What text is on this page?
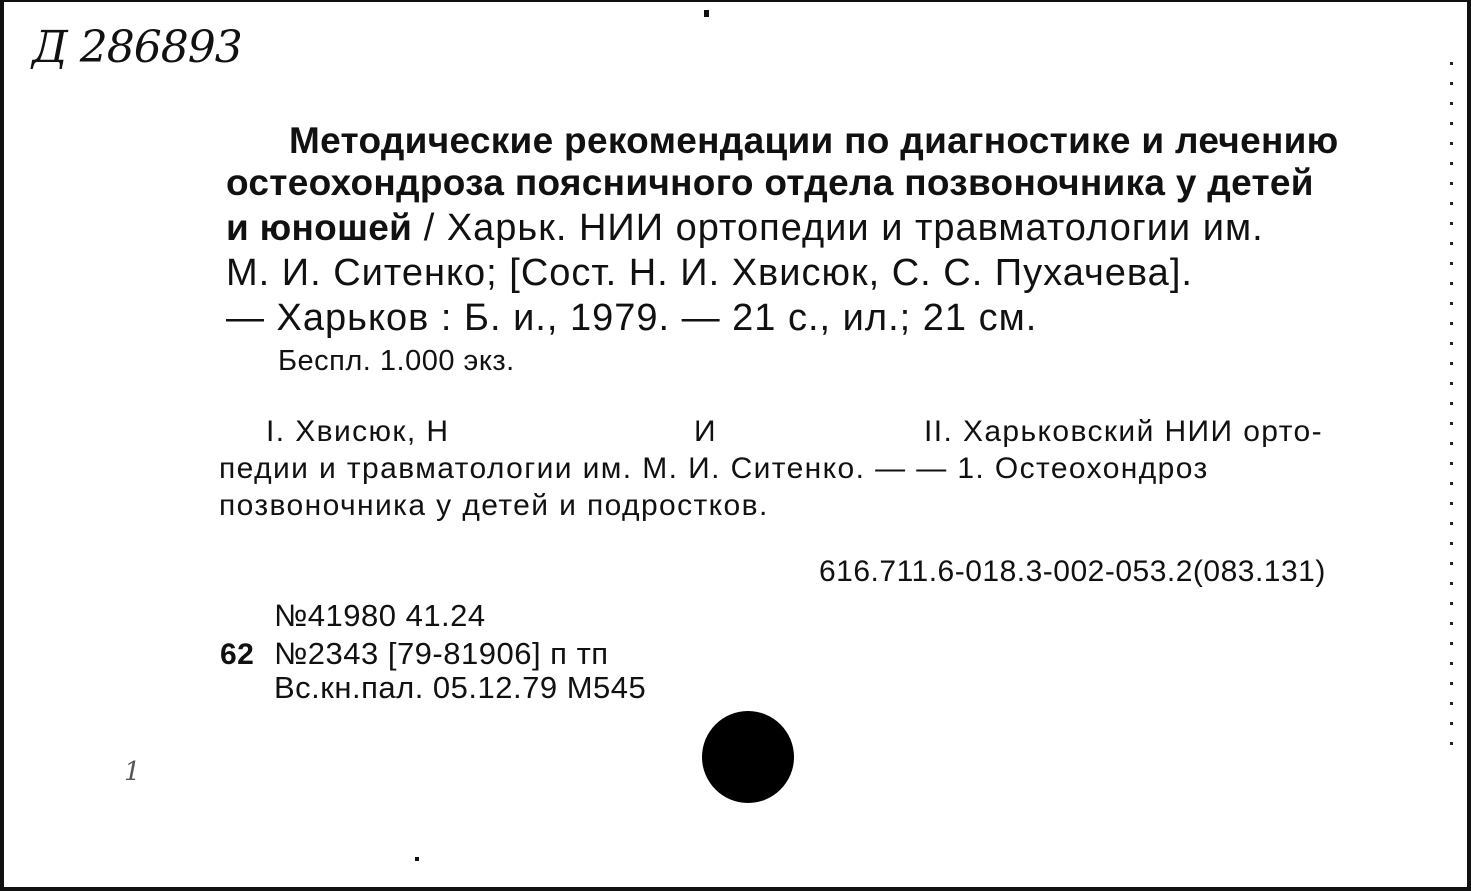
Д 286893
Методические рекомендации по диагностике и лечению
остеохондроза поясничного отдела позвоночника у детей
и юношей / Харьк. НИИ ортопедии и травматологии им.
М. И. Ситенко; [Сост. Н. И. Хвисюк, С. С. Пухачева].
— Харьков : Б. и., 1979. — 21 с., ил.; 21 см.
Беспл. 1.000 экз.
I. Хвисюк, Н	И	II. Харьковский НИИ орто-
педии и травматологии им. М. И. Ситенко. — — 1. Остеохондроз
позвоночника у детей и подростков.
616.711.6-018.3-002-053.2(083.131)
№41980 41.24
62 №2343 [79-81906] п тп
Вс.кн.пал. 05.12.79 М545
1
